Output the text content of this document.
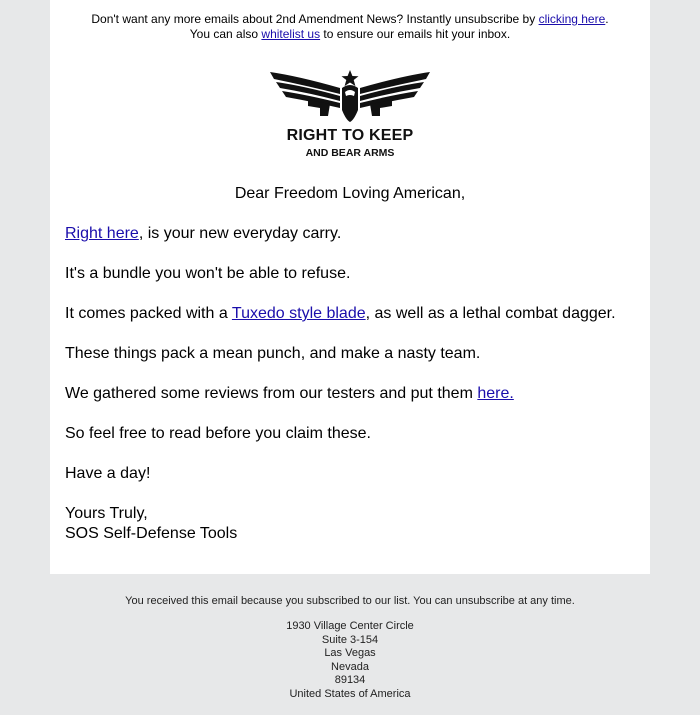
Don't want any more emails about 2nd Amendment News? Instantly unsubscribe by clicking here.
You can also whitelist us to ensure our emails hit your inbox.
RIGHT TO KEEP
AND BEAR ARMS
Dear Freedom Loving American,

Right here, is your new everyday carry.

It's a bundle you won't be able to refuse.

It comes packed with a Tuxedo style blade, as well as a lethal combat dagger.

These things pack a mean punch, and make a nasty team.

We gathered some reviews from our testers and put them here.

So feel free to read before you claim these.

Have a day!

Yours Truly,
SOS Self-Defense Tools

You received this email because you subscribed to our list. You can unsubscribe at any time.
1930 Village Center Circle
Suite 3-154
Las Vegas
Nevada
89134
United States of America
